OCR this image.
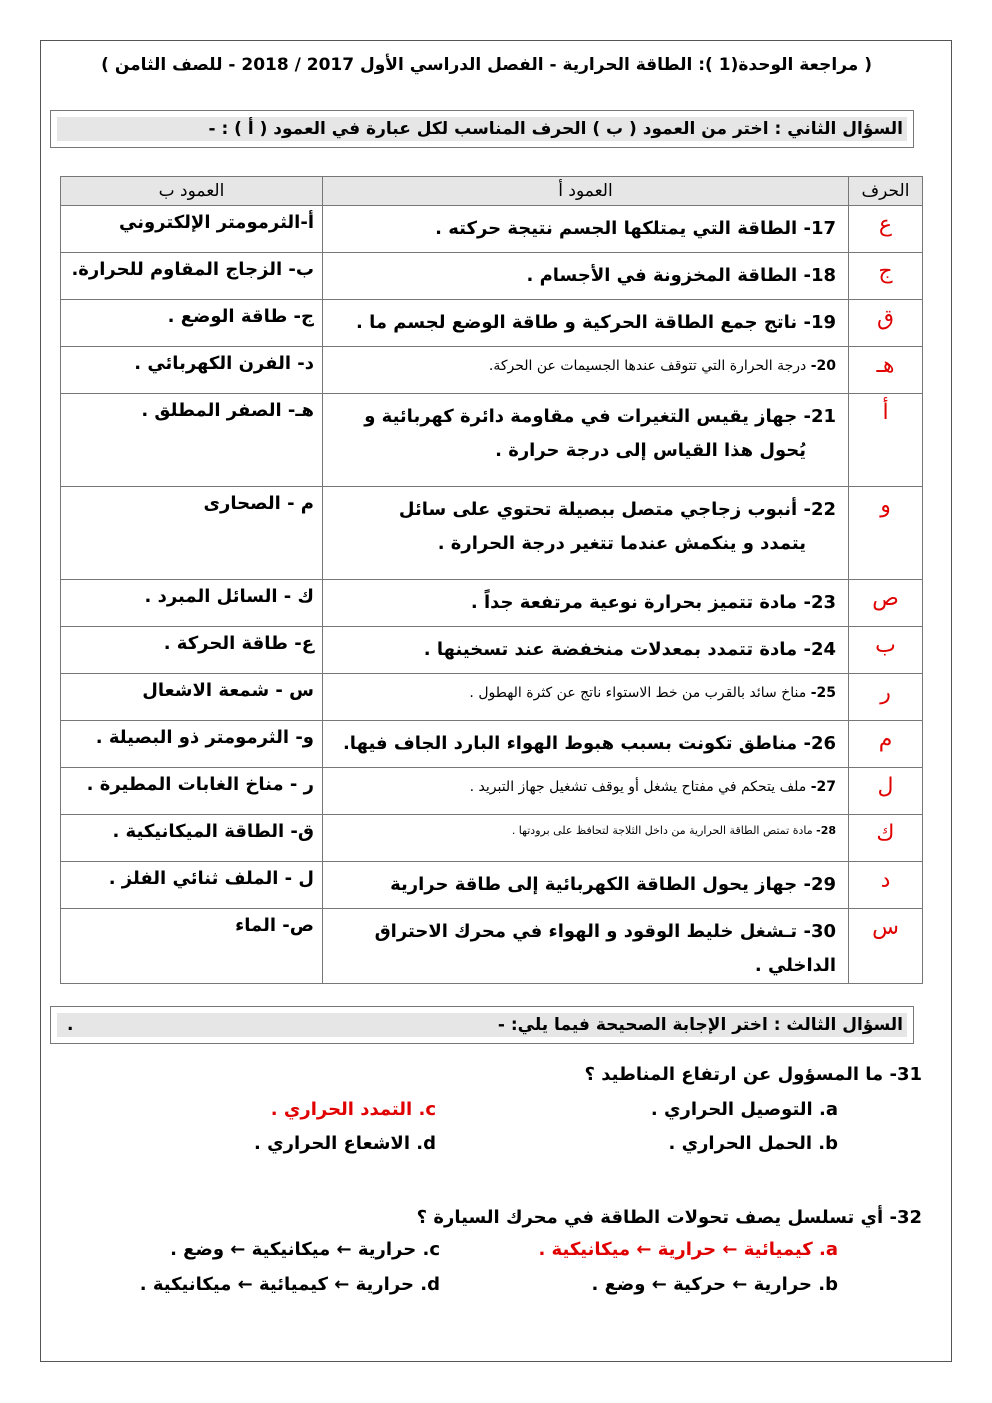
( مراجعة الوحدة(1 ): الطاقة الحرارية - الفصل الدراسي الأول 2017 / 2018 - للصف الثامن )
السؤال الثاني : اختر من العمود ( ب ) الحرف المناسب لكل عبارة في العمود ( أ ) : -
الحرف	العمود أ	العمود ب
ع	17- الطاقة التي يمتلكها الجسم نتيجة حركته .	أ-الثرمومتر الإلكتروني
ج	18- الطاقة المخزونة في الأجسام .	ب- الزجاج المقاوم للحرارة.
ق	19- ناتج جمع الطاقة الحركية و طاقة الوضع لجسم ما .	ج- طاقة الوضع .
هـ	20- درجة الحرارة التي تتوقف عندها الجسيمات عن الحركة.	د- الفرن الكهربائي .
أ	21- جهاز يقيس التغيرات في مقاومة دائرة كهربائية و
يُحول هذا القياس إلى درجة حرارة .	هـ- الصفر المطلق .
و	22- أنبوب زجاجي متصل ببصيلة تحتوي على سائل
يتمدد و ينكمش عندما تتغير درجة الحرارة .	م - الصحارى
ص	23- مادة تتميز بحرارة نوعية مرتفعة جداً .	ك - السائل المبرد .
ب	24- مادة تتمدد بمعدلات منخفضة عند تسخينها .	ع- طاقة الحركة .
ر	25- مناخ سائد بالقرب من خط الاستواء ناتج عن كثرة الهطول .	س - شمعة الاشعال
م	26- مناطق تكونت بسبب هبوط الهواء البارد الجاف فيها.	و- الثرمومتر ذو البصيلة .
ل	27- ملف يتحكم في مفتاح يشغل أو يوقف تشغيل جهاز التبريد .	ر - مناخ الغابات المطيرة .
ك	28- مادة تمتص الطاقة الحرارية من داخل الثلاجة لتحافظ على برودتها .	ق- الطاقة الميكانيكية .
د	29- جهاز يحول الطاقة الكهربائية إلى طاقة حرارية	ل - الملف ثنائي الفلز .
س	30- تـشغل خليط الوقود و الهواء في محرك الاحتراق الداخلي .	ص- الماء
السؤال الثالث : اختر الإجابة الصحيحة فيما يلي: -
.
31- ما المسؤول عن ارتفاع المناطيد ؟
a. التوصيل الحراري .
c. التمدد الحراري .
b. الحمل الحراري .
d. الاشعاع الحراري .
32- أي تسلسل يصف تحولات الطاقة في محرك السيارة ؟
a. كيميائية ← حرارية ← ميكانيكية .
c. حرارية ← ميكانيكية ← وضع .
b. حرارية ← حركية ← وضع .
d. حرارية ← كيميائية ← ميكانيكية .
